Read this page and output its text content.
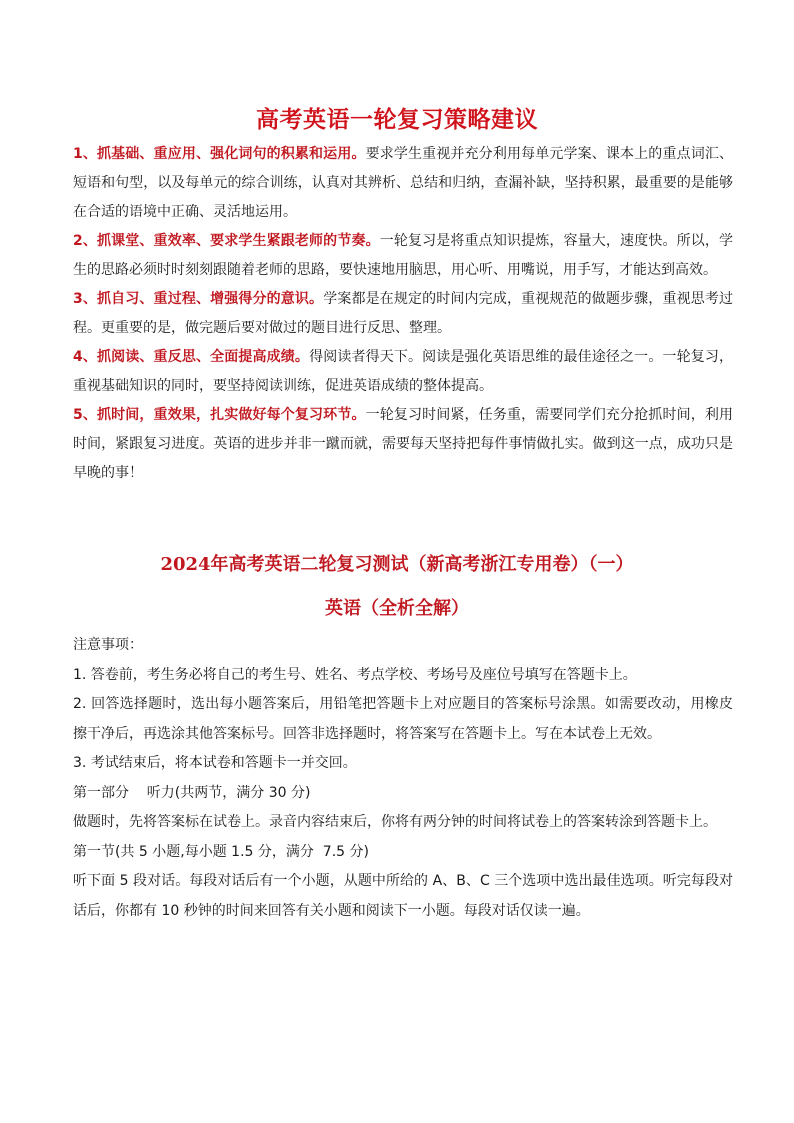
高考英语一轮复习策略建议

1、抓基础、重应用、强化词句的积累和运用。要求学生重视并充分利用每单元学案、课本上的重点词汇、短语和句型，以及每单元的综合训练，认真对其辨析、总结和归纳，查漏补缺，坚持积累，最重要的是能够在合适的语境中正确、灵活地运用。

2、抓课堂、重效率、要求学生紧跟老师的节奏。一轮复习是将重点知识提炼，容量大，速度快。所以，学生的思路必须时时刻刻跟随着老师的思路，要快速地用脑思，用心听、用嘴说，用手写，才能达到高效。

3、抓自习、重过程、增强得分的意识。学案都是在规定的时间内完成，重视规范的做题步骤，重视思考过程。更重要的是，做完题后要对做过的题目进行反思、整理。

4、抓阅读、重反思、全面提高成绩。得阅读者得天下。阅读是强化英语思维的最佳途径之一。一轮复习，重视基础知识的同时，要坚持阅读训练，促进英语成绩的整体提高。

5、抓时间，重效果，扎实做好每个复习环节。一轮复习时间紧，任务重，需要同学们充分抢抓时间，利用时间，紧跟复习进度。英语的进步并非一蹴而就，需要每天坚持把每件事情做扎实。做到这一点，成功只是早晚的事！

2024年高考英语二轮复习测试（新高考浙江专用卷）（一）
英语（全析全解）

注意事项：

1. 答卷前，考生务必将自己的考生号、姓名、考点学校、考场号及座位号填写在答题卡上。

2. 回答选择题时，选出每小题答案后，用铅笔把答题卡上对应题目的答案标号涂黑。如需要改动，用橡皮擦干净后，再选涂其他答案标号。回答非选择题时，将答案写在答题卡上。写在本试卷上无效。

3. 考试结束后，将本试卷和答题卡一并交回。

第一部分    听力(共两节，满分 30 分)

做题时，先将答案标在试卷上。录音内容结束后，你将有两分钟的时间将试卷上的答案转涂到答题卡上。

第一节(共 5 小题,每小题 1.5 分，满分  7.5 分)

听下面 5 段对话。每段对话后有一个小题，从题中所给的 A、B、C 三个选项中选出最佳选项。听完每段对话后，你都有 10 秒钟的时间来回答有关小题和阅读下一小题。每段对话仅读一遍。
